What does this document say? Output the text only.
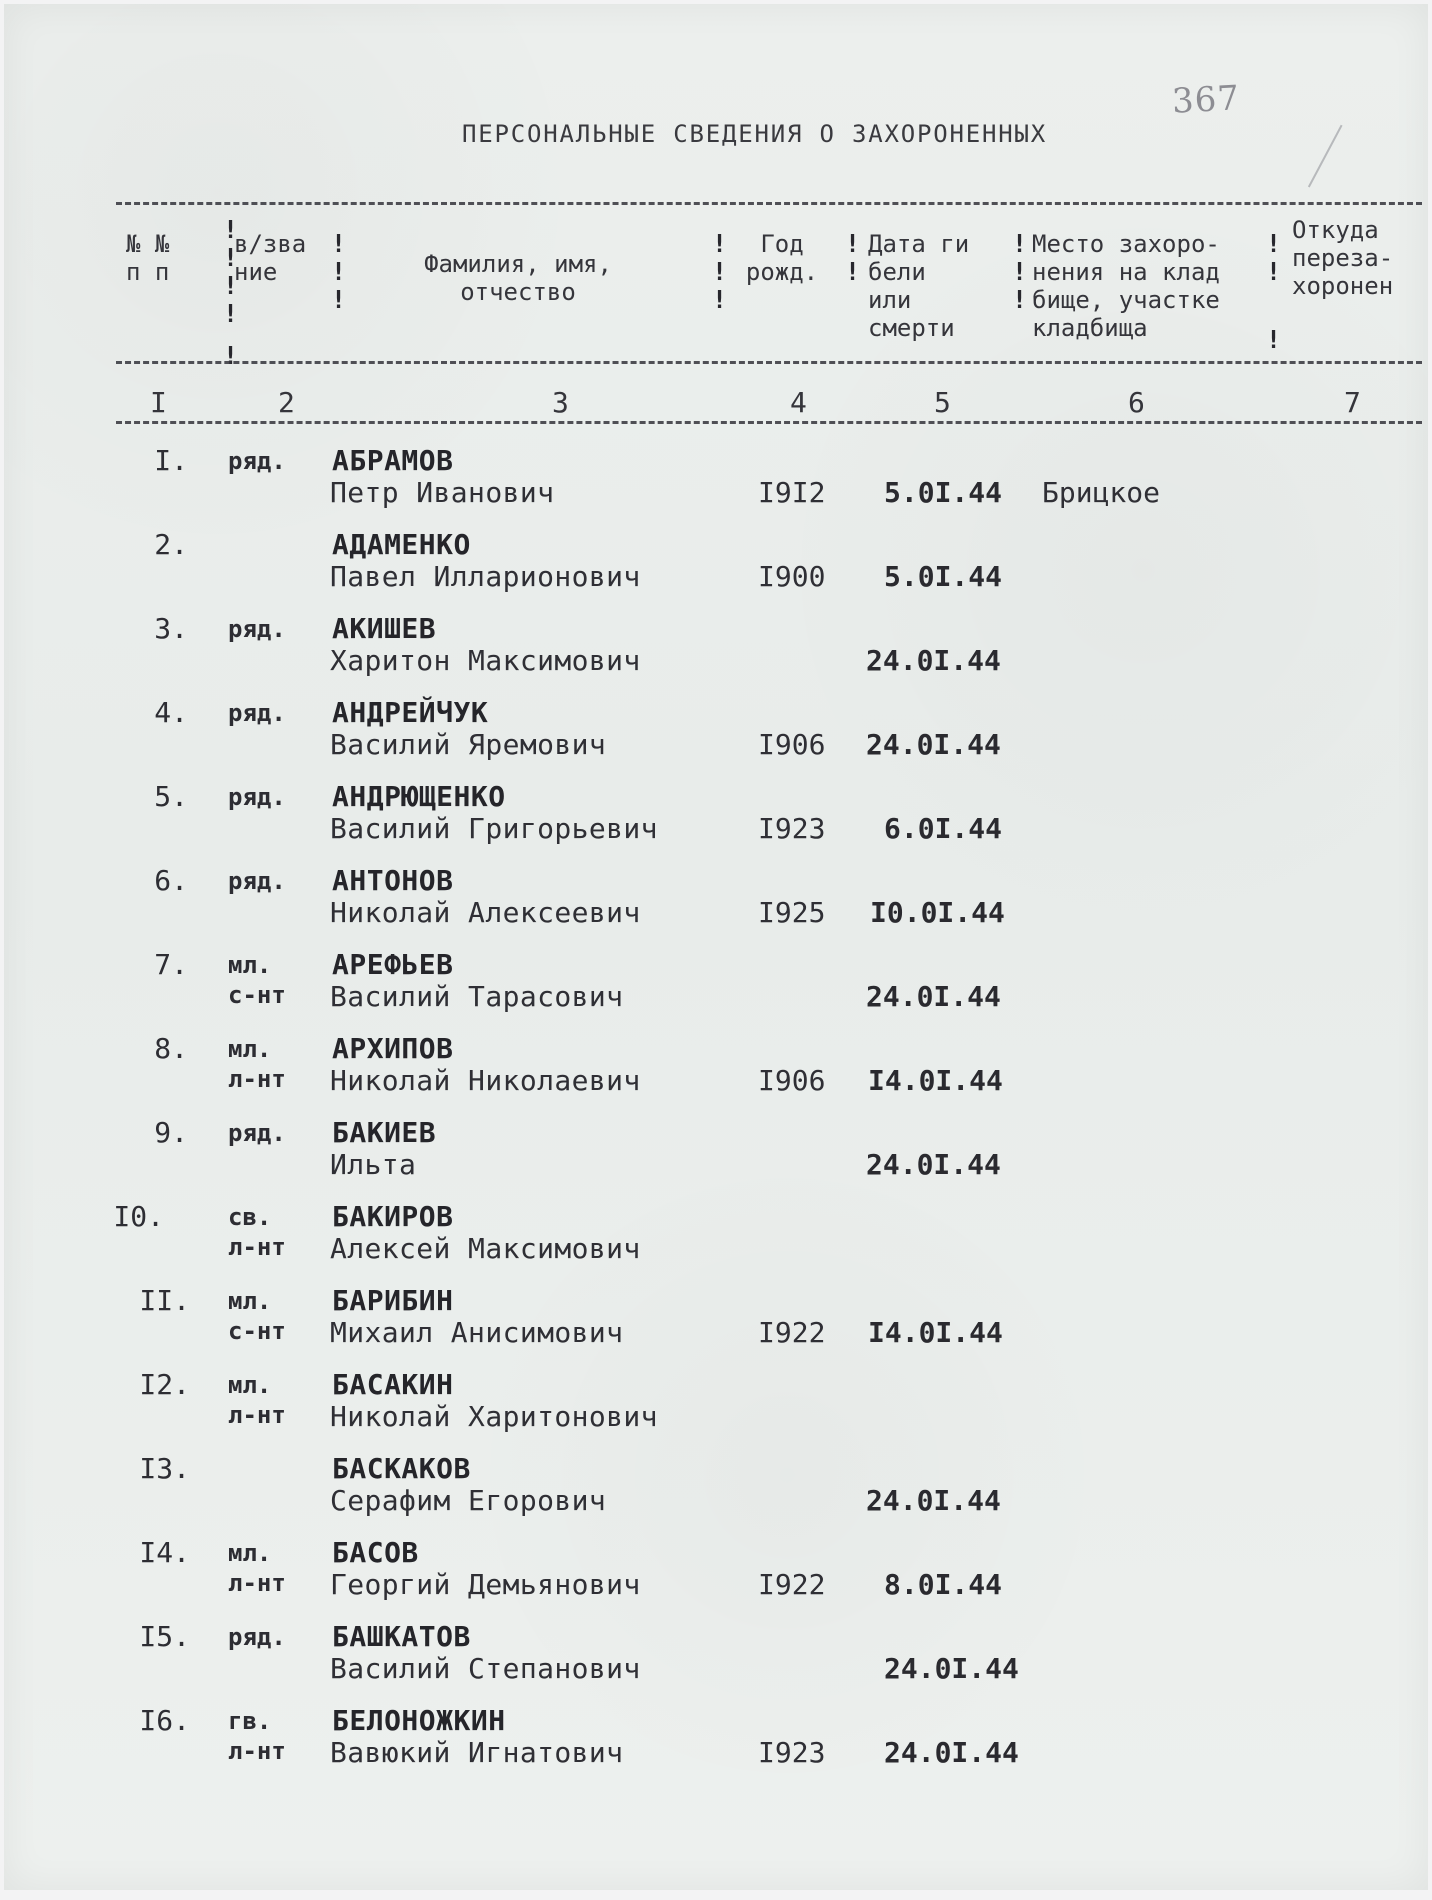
367
ПЕРСОНАЛЬНЫЕ СВЕДЕНИЯ О ЗАХОРОНЕННЫХ
№ №
п п
в/зва
ние	Фамилия, имя,
отчество
Год
рожд.
Дата ги
бели
или
смерти
Место захоро-
нения на клад
бище, участке
кладбища
Откуда
переза-
хоронен
!
!
!
!
!
!
!
!
!
!
!
!
!
!
!
!
!
!
!
I	2	3	4	5	6	7
I. ряд. АБРАМОВ
Петр Иванович	I9I2 5.0I.44 Брицкое
2.	АДАМЕНКО
Павел Илларионович	I900 5.0I.44
3. ряд. АКИШЕВ
Харитон Максимович	24.0I.44
4. ряд. АНДРЕЙЧУК
Василий Яремович	I906 24.0I.44
5. ряд. АНДРЮЩЕНКО
Василий Григорьевич	I923 6.0I.44
6. ряд. АНТОНОВ
Николай Алексеевич	I925 I0.0I.44
7. мл.
с-нт
АРЕФЬЕВ
Василий Тарасович	24.0I.44
8. мл.
л-нт
АРХИПОВ
Николай Николаевич	I906 I4.0I.44
9. ряд. БАКИЕВ
Ильта	24.0I.44
I0.	св.
л-нт
БАКИРОВ
Алексей Максимович
II. мл.
с-нт
БАРИБИН
Михаил Анисимович	I922 I4.0I.44
I2. мл.
л-нт
БАСАКИН
Николай Харитонович
I3.	БАСКАКОВ
Серафим Егорович	24.0I.44
I4. мл.
л-нт
БАСОВ
Георгий Демьянович	I922 8.0I.44
I5. ряд. БАШКАТОВ
Василий Степанович	24.0I.44
I6. гв.
л-нт
БЕЛОНОЖКИН
Вавюкий Игнатович	I923 24.0I.44
